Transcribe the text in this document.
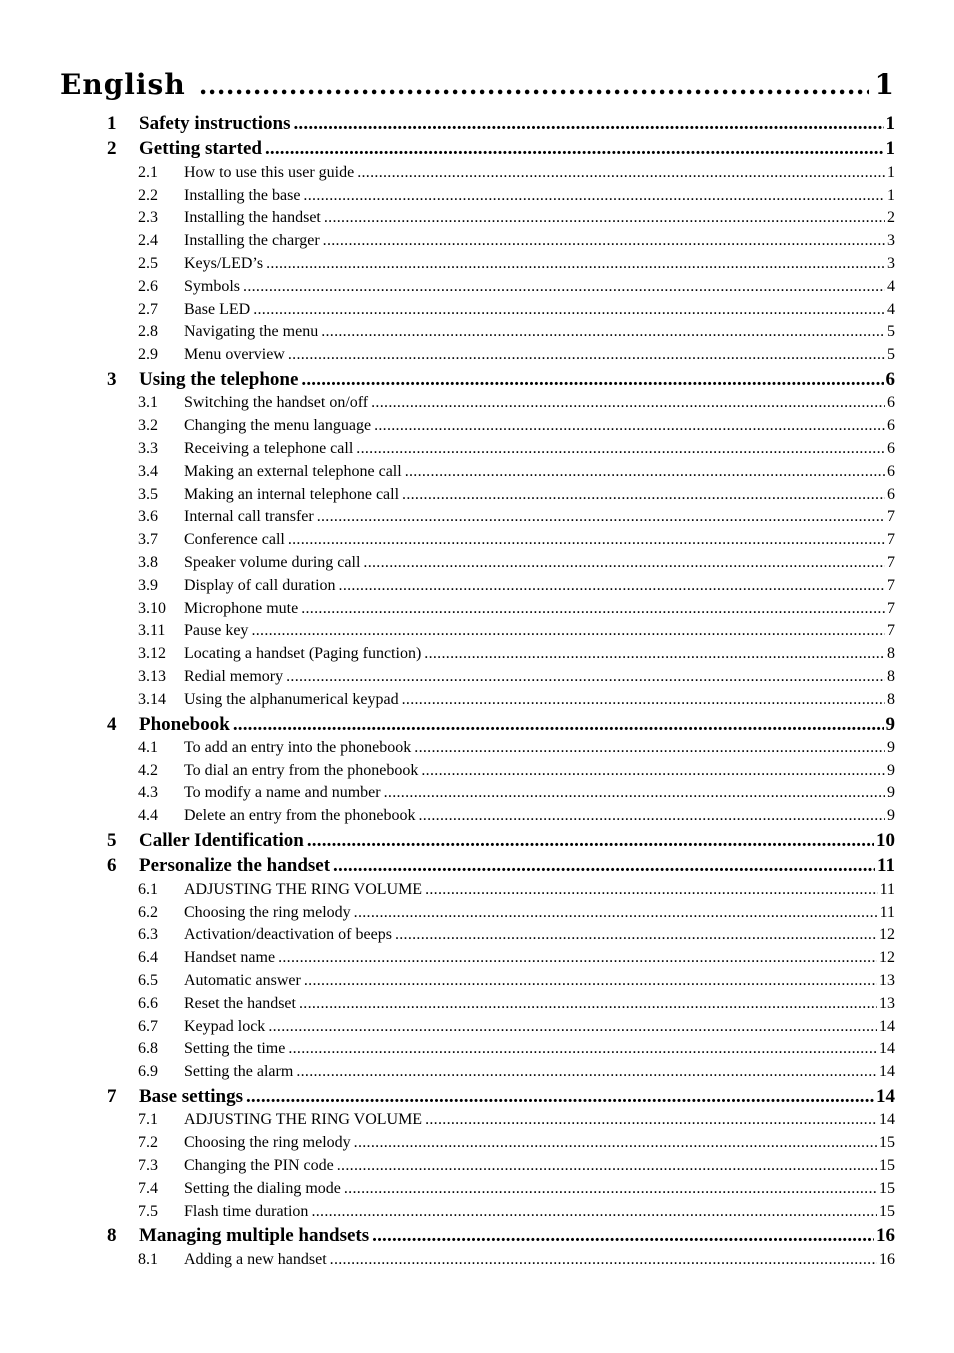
English .....	1
1	Safety instructions .....	1
2	Getting started .....	1
2.1	How to use this user guide .....	1
2.2	Installing the base .....	1
2.3	Installing the handset .....	2
2.4	Installing the charger .....	3
2.5	Keys/LED’s .....	3
2.6	Symbols .....	4
2.7	Base LED .....	4
2.8	Navigating the menu .....	5
2.9	Menu overview .....	5
3	Using the telephone .....	6
3.1	Switching the handset on/off .....	6
3.2	Changing the menu language .....	6
3.3	Receiving a telephone call .....	6
3.4	Making an external telephone call .....	6
3.5	Making an internal telephone call .....	6
3.6	Internal call transfer .....	7
3.7	Conference call .....	7
3.8	Speaker volume during call .....	7
3.9	Display of call duration .....	7
3.10	Microphone mute .....	7
3.11	Pause key .....	7
3.12	Locating a handset (Paging function) .....	8
3.13	Redial memory .....	8
3.14	Using the alphanumerical keypad .....	8
4	Phonebook .....	9
4.1	To add an entry into the phonebook .....	9
4.2	To dial an entry from the phonebook .....	9
4.3	To modify a name and number .....	9
4.4	Delete an entry from the phonebook .....	9
5	Caller Identification .....	10
6	Personalize the handset .....	11
6.1	ADJUSTING THE RING VOLUME .....	11
6.2	Choosing the ring melody .....	11
6.3	Activation/deactivation of beeps .....	12
6.4	Handset name .....	12
6.5	Automatic answer .....	13
6.6	Reset the handset .....	13
6.7	Keypad lock .....	14
6.8	Setting the time .....	14
6.9	Setting the alarm .....	14
7	Base settings .....	14
7.1	ADJUSTING THE RING VOLUME .....	14
7.2	Choosing the ring melody .....	15
7.3	Changing the PIN code .....	15
7.4	Setting the dialing mode .....	15
7.5	Flash time duration .....	15
8	Managing multiple handsets .....	16
8.1	Adding a new handset .....	16
